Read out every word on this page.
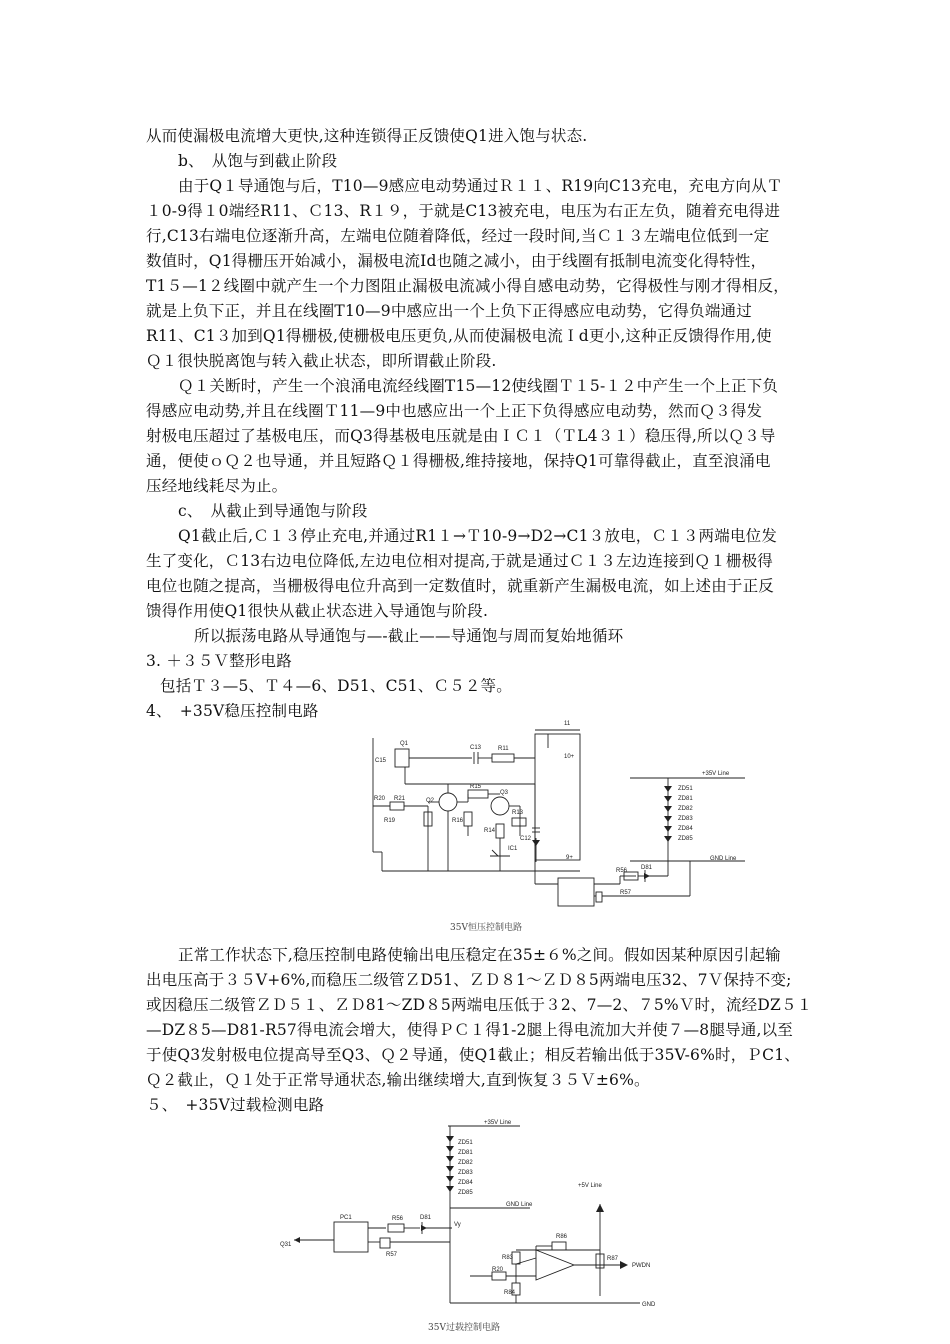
从而使漏极电流增大更快,这种连锁得正反馈使Q1进入饱与状态.
b、　从饱与到截止阶段
由于Q１导通饱与后，T10—9感应电动势通过Ｒ１１、R19向C13充电，充电方向从Ｔ
１0-9得１0端经R11、Ｃ13、R１９，于就是C13被充电，电压为右正左负，随着充电得进
行,C13右端电位逐渐升高，左端电位随着降低，经过一段时间,当Ｃ１３左端电位低到一定
数值时，Q1得栅压开始减小，漏极电流Id也随之减小，由于线圈有抵制电流变化得特性，
T1５—1２线圈中就产生一个力图阻止漏极电流减小得自感电动势，它得极性与刚才得相反，
就是上负下正，并且在线圈T10—9中感应出一个上负下正得感应电动势，它得负端通过
R11、C1３加到Q1得栅极,使栅极电压更负,从而使漏极电流Ｉd更小,这种正反馈得作用,使
Ｑ１很快脱离饱与转入截止状态，即所谓截止阶段.
Ｑ１关断时，产生一个浪涌电流经线圈T15—12使线圈Ｔ１5-１２中产生一个上正下负
得感应电动势,并且在线圈Ｔ11—9中也感应出一个上正下负得感应电动势，然而Ｑ３得发
射极电压超过了基极电压，而Q3得基极电压就是由ＩＣ１（ＴL4３１）稳压得,所以Ｑ３导
通，便使ｏＱ２也导通，并且短路Ｑ１得栅极,维持接地，保持Q1可靠得截止，直至浪涌电
压经地线耗尽为止。
c、　从截止到导通饱与阶段
Q1截止后,Ｃ１３停止充电,并通过R1１→Ｔ10-9→D2→C1３放电，Ｃ１３两端电位发
生了变化，Ｃ13右边电位降低,左边电位相对提高,于就是通过Ｃ１３左边连接到Ｑ１栅极得
电位也随之提高，当栅极得电位升高到一定数值时，就重新产生漏极电流，如上述由于正反
馈得作用使Q1很快从截止状态进入导通饱与阶段.
所以振荡电路从导通饱与—-截止——导通饱与周而复始地循环
3. ＋３５Ｖ整形电路
包括Ｔ３—5、Ｔ４—6、D51、C51、Ｃ５２等。
4、　+35V稳压控制电路
Q1
C15
C13	R11
11
10+
R15
Q2
Q3
R20 R21
R19	R16
R13
R14
C12
IC1
9+
R56 D81
R57
+35V Line
GND Line
ZD51
ZD81
ZD82
ZD83
ZD84
ZD85
35V恒压控制电路
正常工作状态下,稳压控制电路使输出电压稳定在35±６%之间。假如因某种原因引起输
出电压高于３５V+6%,而稳压二级管ＺD51、ＺＤ８1～ＺＤ８5两端电压32、7Ｖ保持不变;
或因稳压二级管ＺＤ５１、ＺＤ81～ZD８5两端电压低于３2、7—2、７5%Ｖ时，流经DZ５１
—DZ８5—D81-R57得电流会增大，使得ＰＣ１得1-2腿上得电流加大并使７—8腿导通,以至
于使Q3发射极电位提高导至Q3、Ｑ２导通，使Q1截止；相反若输出低于35V-6%时，ＰC1、
Ｑ２截止，Ｑ１处于正常导通状态,输出继续增大,直到恢复３５Ｖ±6%。
５、　+35V过载检测电路
+35V Line
ZD51
ZD81
ZD82
ZD83
ZD84
ZD85
GND Line
+5V Line
PC1	R56	D81
Vy
R57
Q31
R83
R86
R87
R20
R84
PWDN
GND
35V过载控制电路
